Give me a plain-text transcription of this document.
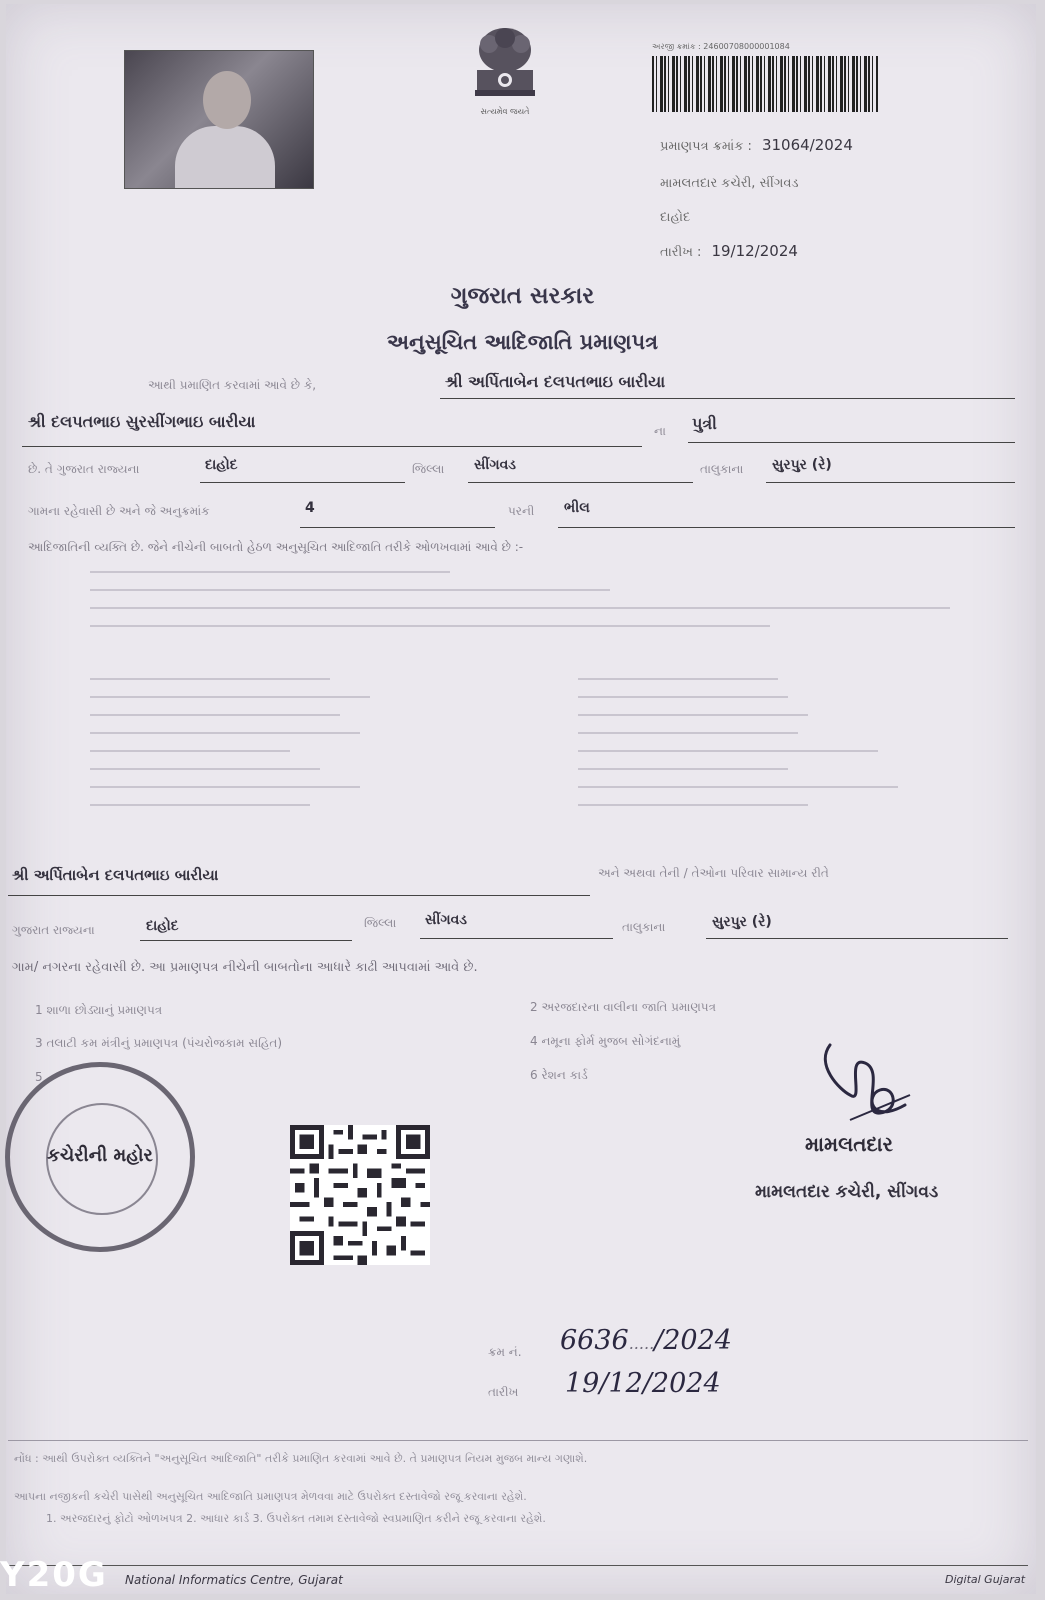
સત્યમેવ જયતે
અરજી ક્રમાંક : 24600708000001084
પ્રમાણપત્ર ક્રમાંક : 31064/2024
મામલતદાર કચેરી, સીંગવડ
દાહોદ
તારીખ : 19/12/2024
ગુજરાત સરકાર
અનુસૂચિત આદિજાતિ પ્રમાણપત્ર
આથી પ્રમાણિત કરવામાં આવે છે કે,	શ્રી અર્પિતાબેન દલપતભાઇ બારીયા
શ્રી દલપતભાઇ સુરસીંગભાઇ બારીયા	ના પુત્રી
છે. તે ગુજરાત રાજ્યના	દાહોદ	જિલ્લા સીંગવડ	તાલુકાના સુરપુર (રે)
ગામના રહેવાસી છે અને જે અનુક્રમાંક	4	પરની ભીલ
આદિજાતિની વ્યક્તિ છે. જેને નીચેની બાબતો હેઠળ અનુસૂચિત આદિજાતિ તરીકે ઓળખવામાં આવે છે :-
શ્રી અર્પિતાબેન દલપતભાઇ બારીયા	અને અથવા તેની / તેઓના પરિવાર સામાન્ય રીતે
ગુજરાત રાજ્યના	દાહોદ	જિલ્લા સીંગવડ	તાલુકાના	સુરપુર (રે)
ગામ/ નગરના રહેવાસી છે. આ પ્રમાણપત્ર નીચેની બાબતોના આધારે કાઢી આપવામાં આવે છે.
1 શાળા છોડ્યાનું પ્રમાણપત્ર	2 અરજદારના વાલીના જાતિ પ્રમાણપત્ર
3 તલાટી કમ મંત્રીનું પ્રમાણપત્ર (પંચરોજકામ સહિત)	4 નમૂના ફોર્મ મુજબ સોગંદનામું
5	6 રેશન કાર્ડ
કચેરીની મહોર	મામલતદાર
મામલતદાર કચેરી, સીંગવડ
ક્રમ નં. 6636...../2024
તારીખ 19/12/2024
નોંધ : આથી ઉપરોક્ત વ્યક્તિને "અનુસૂચિત આદિજાતિ" તરીકે પ્રમાણિત કરવામાં આવે છે. તે પ્રમાણપત્ર નિયમ મુજબ માન્ય ગણાશે.
આપના નજીકની કચેરી પાસેથી અનુસૂચિત આદિજાતિ પ્રમાણપત્ર મેળવવા માટે ઉપરોક્ત દસ્તાવેજો રજૂ કરવાના રહેશે.
1. અરજદારનું ફોટો ઓળખપત્ર 2. આધાર કાર્ડ 3. ઉપરોક્ત તમામ દસ્તાવેજો સ્વપ્રમાણિત કરીને રજૂ કરવાના રહેશે.
National Informatics Centre, Gujarat	Digital Gujarat
Y20G
